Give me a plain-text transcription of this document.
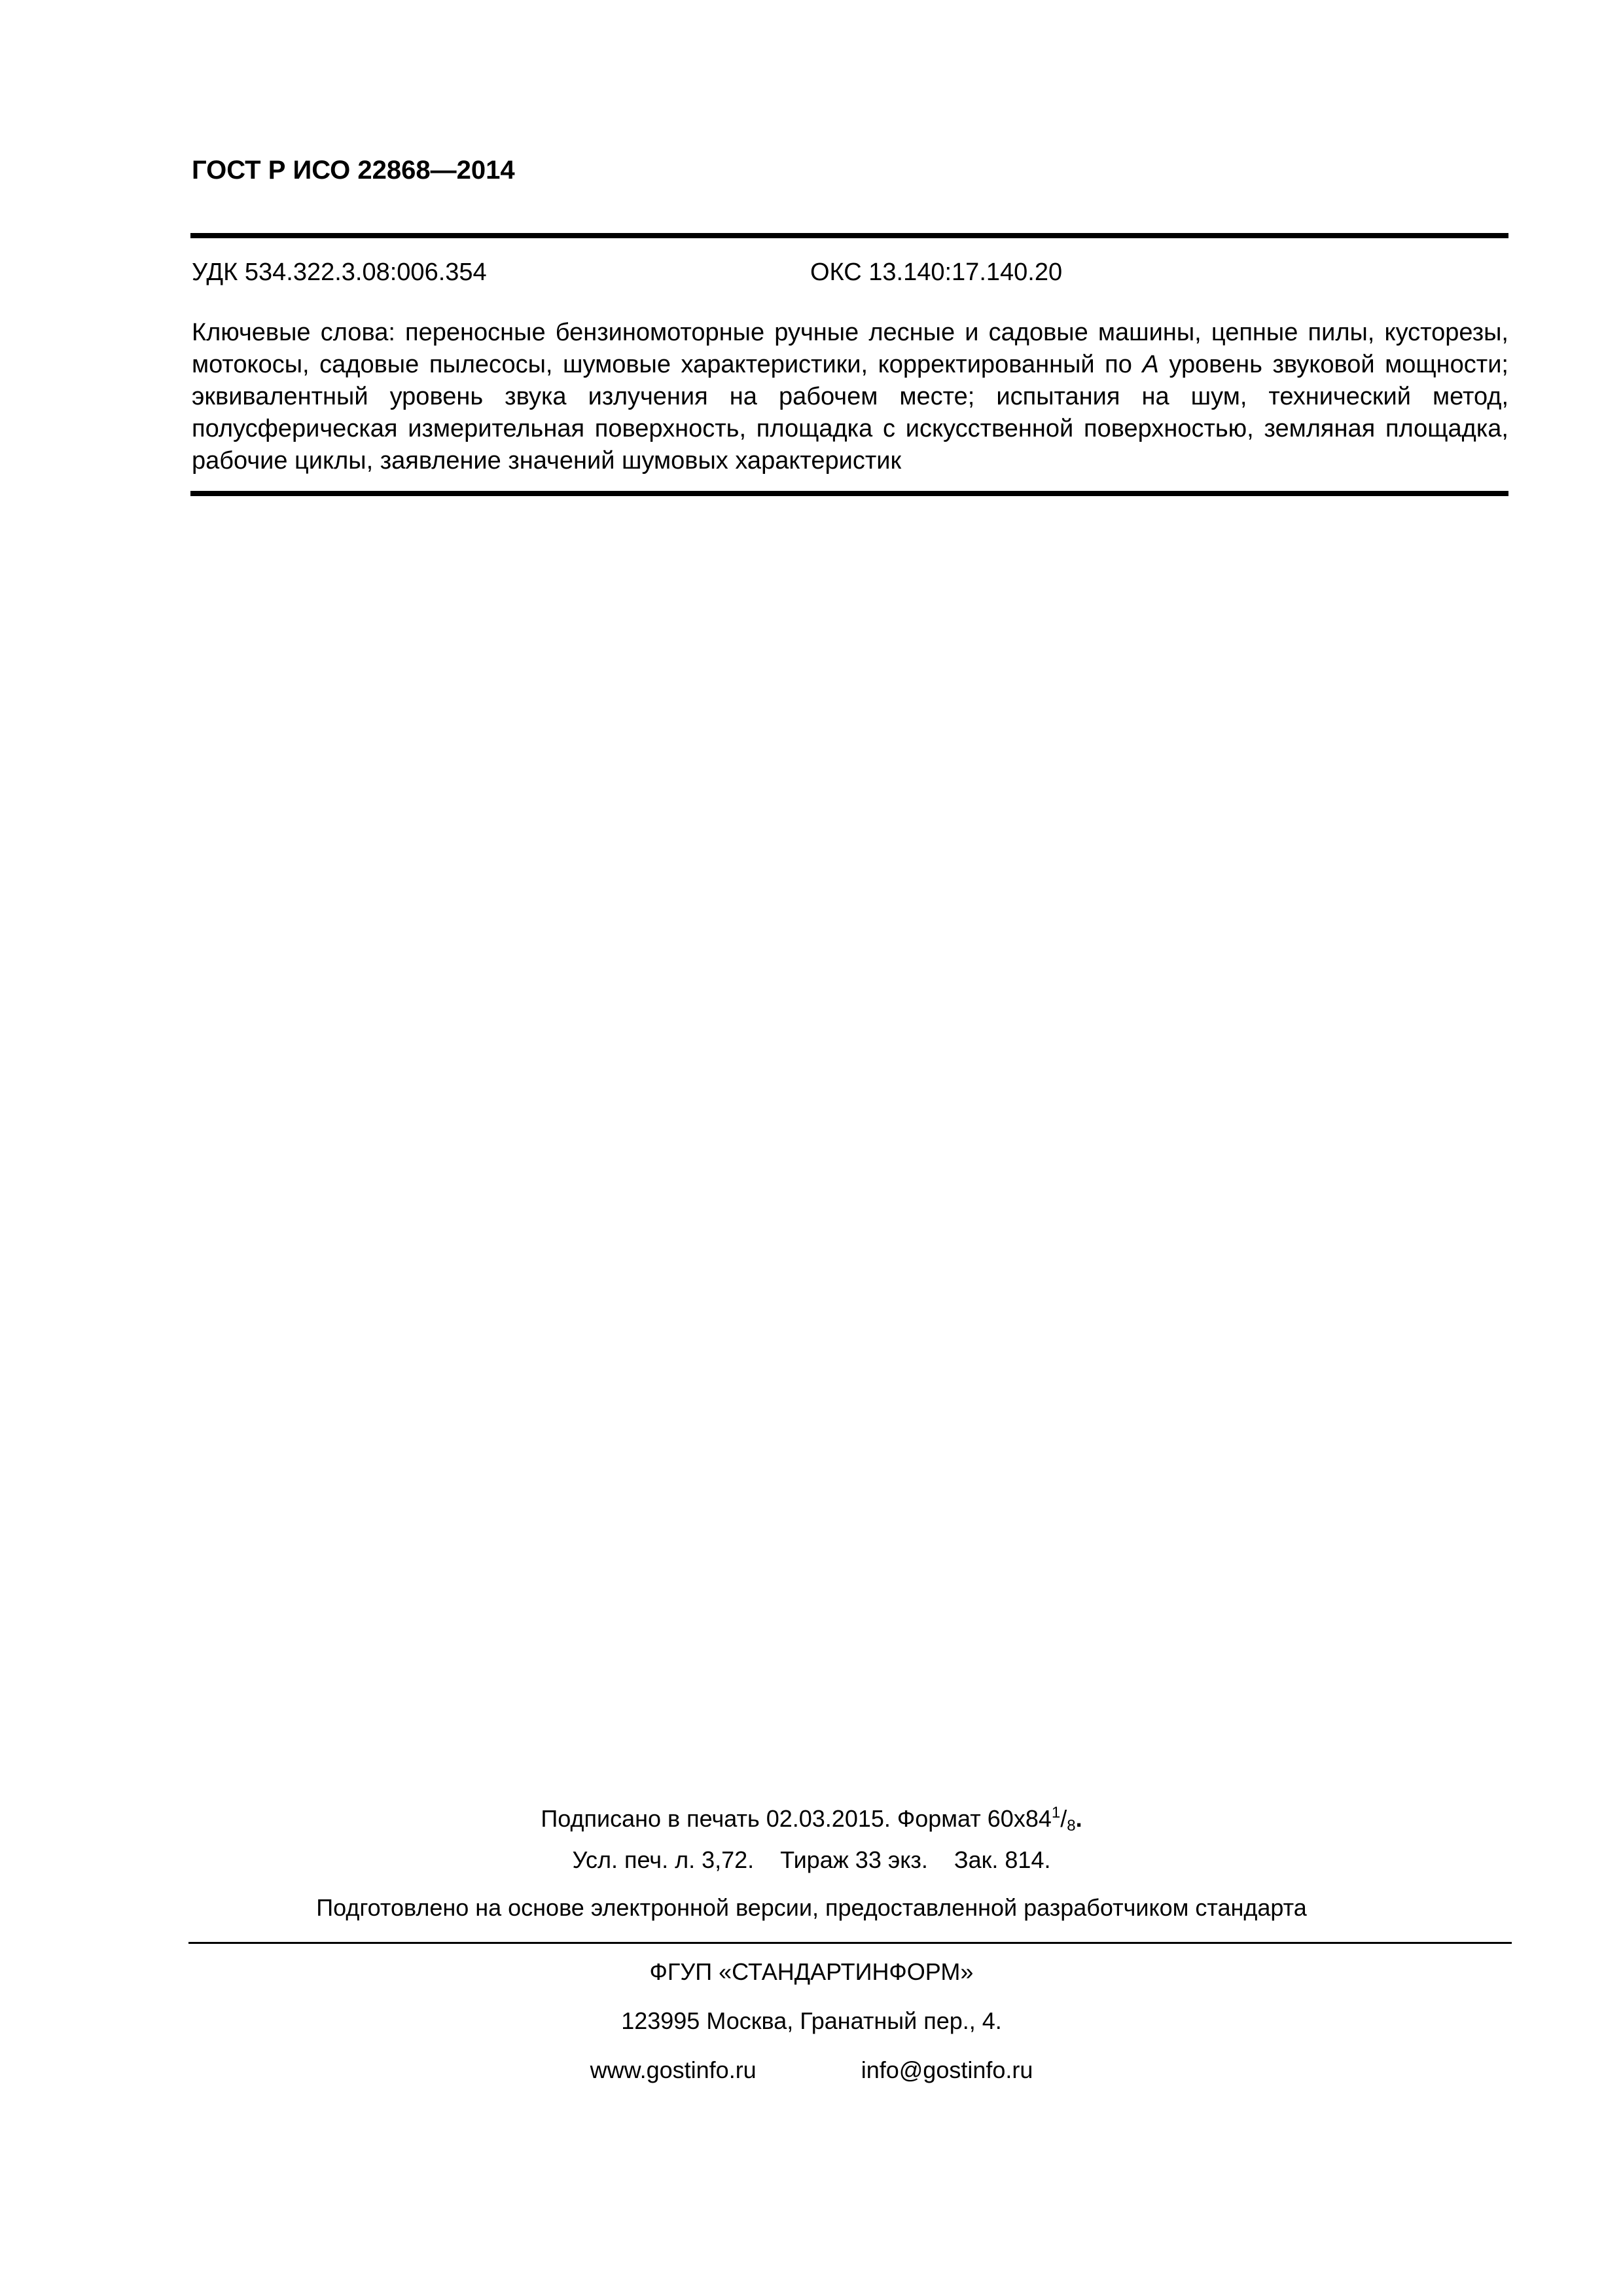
ГОСТ Р ИСО 22868—2014
УДК 534.322.3.08:006.354	ОКС 13.140:17.140.20

Ключевые слова: переносные бензиномоторные ручные лесные и садовые машины, цепные пилы, кусторезы, мотокосы, садовые пылесосы, шумовые характеристики, корректированный по A уровень звуковой мощности; эквивалентный уровень звука излучения на рабочем месте; испытания на шум, технический метод, полусферическая измерительная поверхность, площадка с искусственной поверхностью, земляная площадка, рабочие циклы, заявление значений шумовых характеристик

Подписано в печать 02.03.2015. Формат $60х84^1/_8$.
Усл. печ. л. 3,72. Тираж 33 экз. Зак. 814.
Подготовлено на основе электронной версии, предоставленной разработчиком стандарта
ФГУП «СТАНДАРТИНФОРМ»
123995 Москва, Гранатный пер., 4.
www.gostinfo.ru	info@gostinfo.ru
